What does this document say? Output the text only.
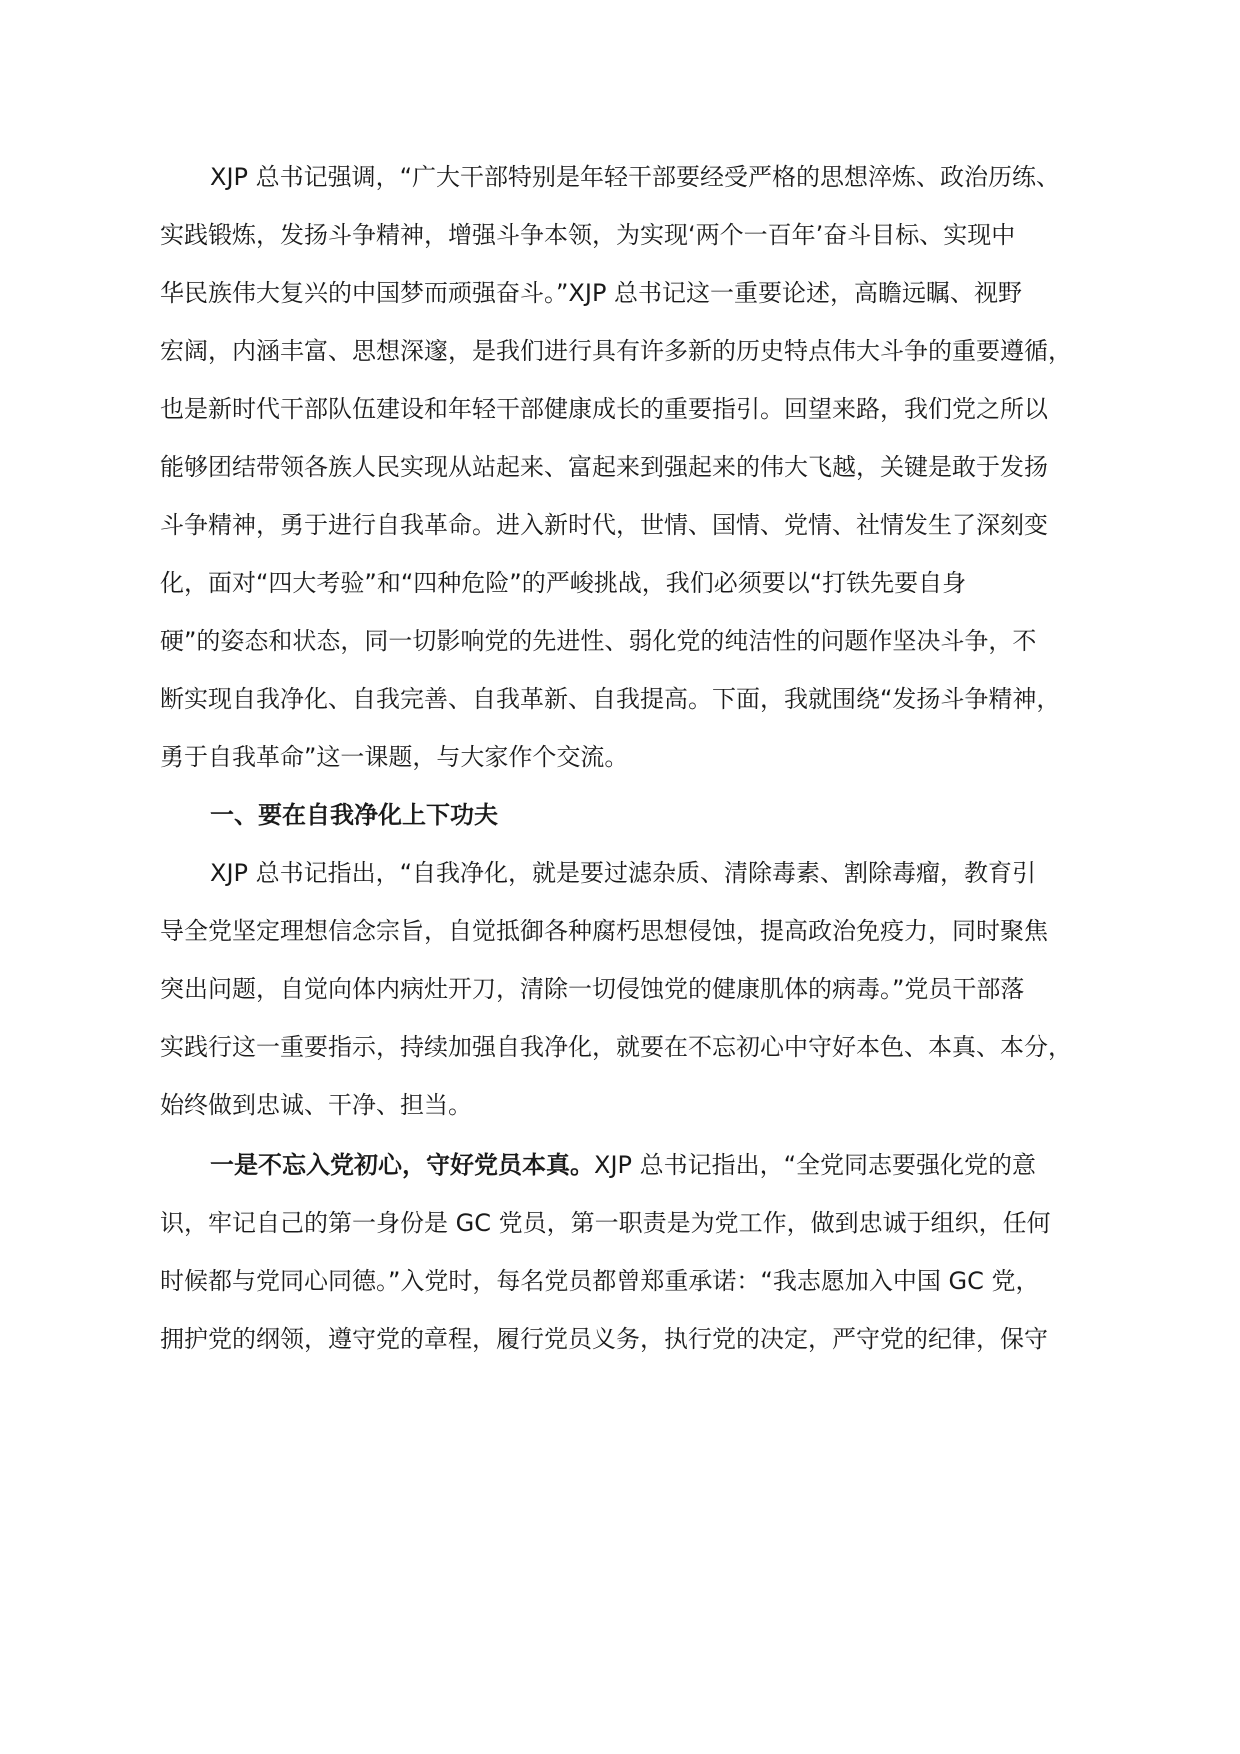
XJP 总书记强调，“广大干部特别是年轻干部要经受严格的思想淬炼、政治历练、
实践锻炼，发扬斗争精神，增强斗争本领，为实现‘两个一百年’奋斗目标、实现中
华民族伟大复兴的中国梦而顽强奋斗。”XJP 总书记这一重要论述，高瞻远瞩、视野
宏阔，内涵丰富、思想深邃，是我们进行具有许多新的历史特点伟大斗争的重要遵循，
也是新时代干部队伍建设和年轻干部健康成长的重要指引。回望来路，我们党之所以
能够团结带领各族人民实现从站起来、富起来到强起来的伟大飞越，关键是敢于发扬
斗争精神，勇于进行自我革命。进入新时代，世情、国情、党情、社情发生了深刻变
化，面对“四大考验”和“四种危险”的严峻挑战，我们必须要以“打铁先要自身
硬”的姿态和状态，同一切影响党的先进性、弱化党的纯洁性的问题作坚决斗争，不
断实现自我净化、自我完善、自我革新、自我提高。下面，我就围绕“发扬斗争精神，
勇于自我革命”这一课题，与大家作个交流。
一、要在自我净化上下功夫
XJP 总书记指出，“自我净化，就是要过滤杂质、清除毒素、割除毒瘤，教育引
导全党坚定理想信念宗旨，自觉抵御各种腐朽思想侵蚀，提高政治免疫力，同时聚焦
突出问题，自觉向体内病灶开刀，清除一切侵蚀党的健康肌体的病毒。”党员干部落
实践行这一重要指示，持续加强自我净化，就要在不忘初心中守好本色、本真、本分，
始终做到忠诚、干净、担当。
一是不忘入党初心，守好党员本真。XJP 总书记指出，“全党同志要强化党的意
识，牢记自己的第一身份是 GC 党员，第一职责是为党工作，做到忠诚于组织，任何
时候都与党同心同德。”入党时，每名党员都曾郑重承诺：“我志愿加入中国 GC 党，
拥护党的纲领，遵守党的章程，履行党员义务，执行党的决定，严守党的纪律，保守
